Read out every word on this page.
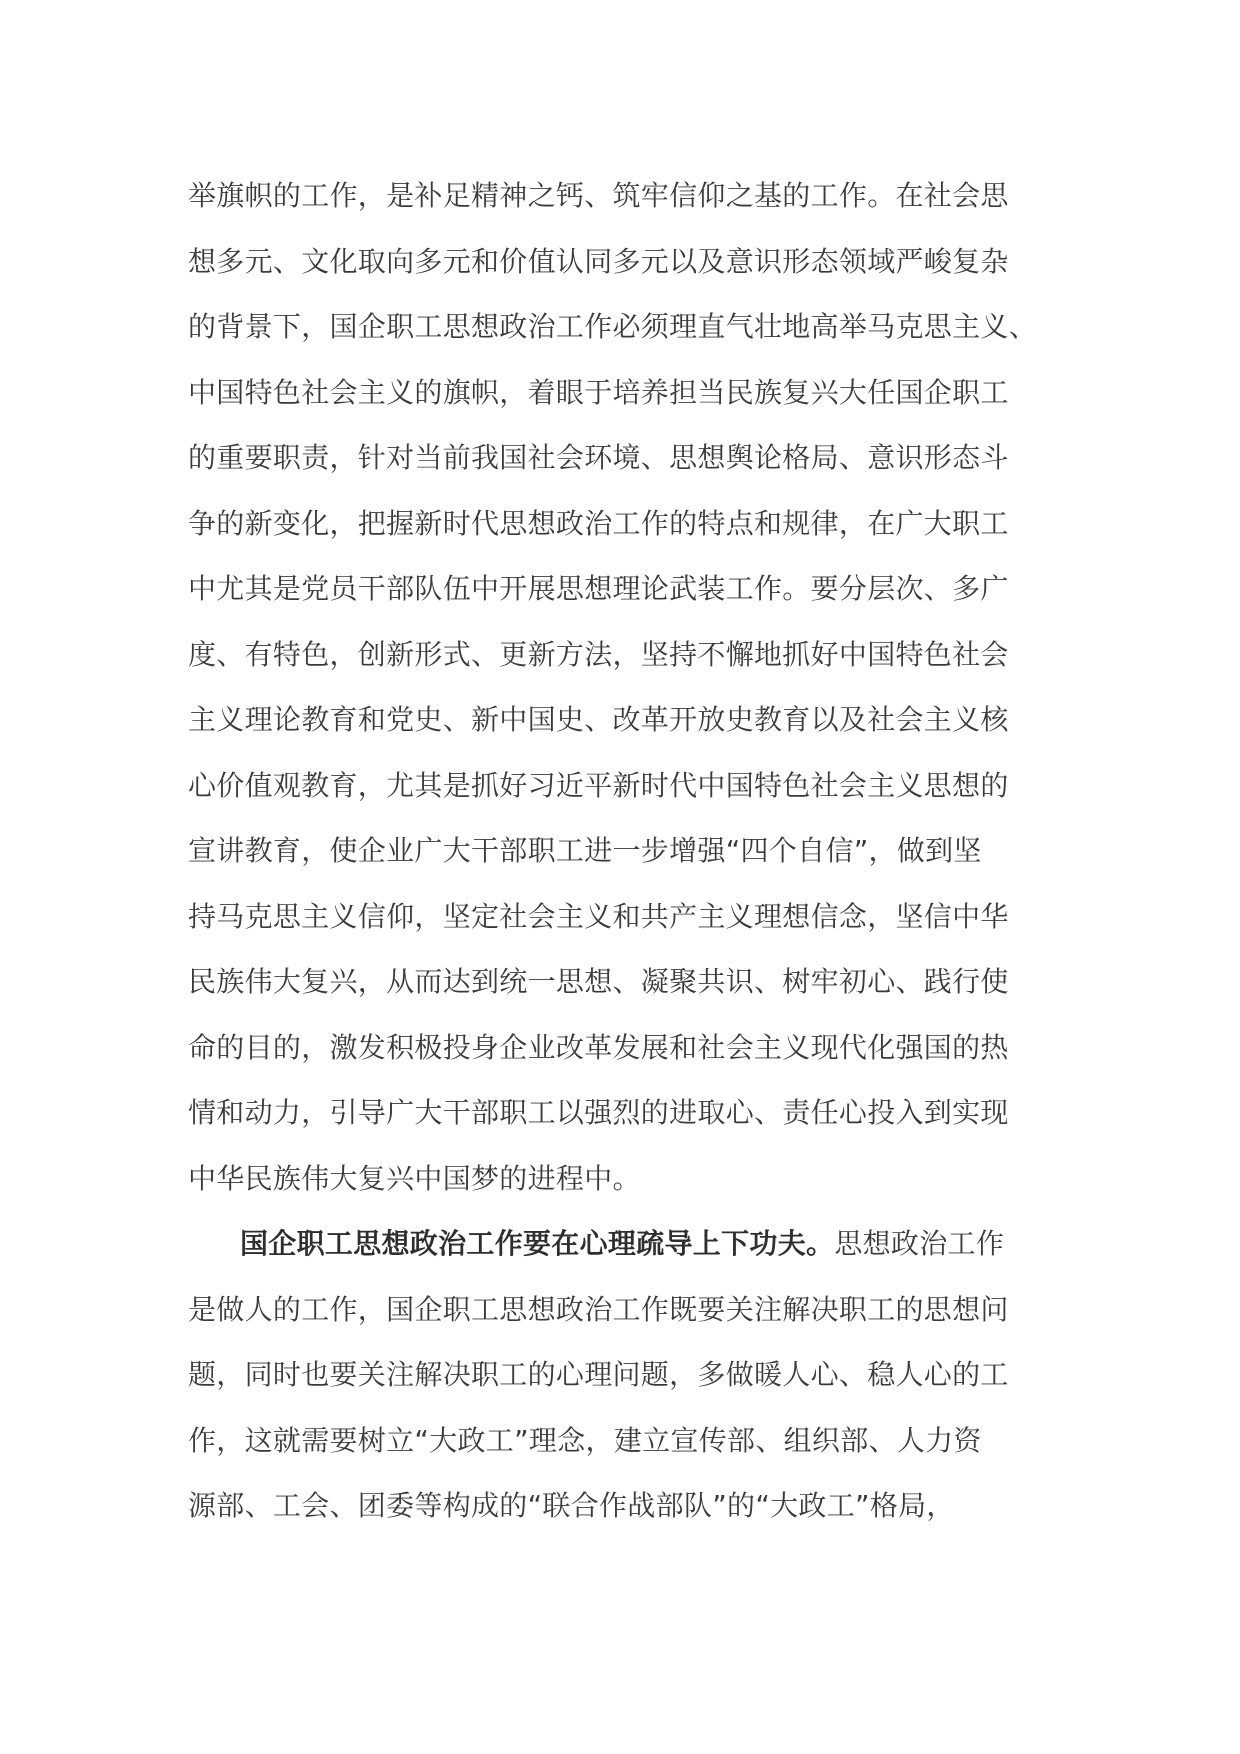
举旗帜的工作，是补足精神之钙、筑牢信仰之基的工作。在社会思
想多元、文化取向多元和价值认同多元以及意识形态领域严峻复杂
的背景下，国企职工思想政治工作必须理直气壮地高举马克思主义、
中国特色社会主义的旗帜，着眼于培养担当民族复兴大任国企职工
的重要职责，针对当前我国社会环境、思想舆论格局、意识形态斗
争的新变化，把握新时代思想政治工作的特点和规律，在广大职工
中尤其是党员干部队伍中开展思想理论武装工作。要分层次、多广
度、有特色，创新形式、更新方法，坚持不懈地抓好中国特色社会
主义理论教育和党史、新中国史、改革开放史教育以及社会主义核
心价值观教育，尤其是抓好习近平新时代中国特色社会主义思想的
宣讲教育，使企业广大干部职工进一步增强“四个自信”，做到坚
持马克思主义信仰，坚定社会主义和共产主义理想信念，坚信中华
民族伟大复兴，从而达到统一思想、凝聚共识、树牢初心、践行使
命的目的，激发积极投身企业改革发展和社会主义现代化强国的热
情和动力，引导广大干部职工以强烈的进取心、责任心投入到实现
中华民族伟大复兴中国梦的进程中。
国企职工思想政治工作要在心理疏导上下功夫。思想政治工作
是做人的工作，国企职工思想政治工作既要关注解决职工的思想问
题，同时也要关注解决职工的心理问题，多做暖人心、稳人心的工
作，这就需要树立“大政工”理念，建立宣传部、组织部、人力资
源部、工会、团委等构成的“联合作战部队”的“大政工”格局，
